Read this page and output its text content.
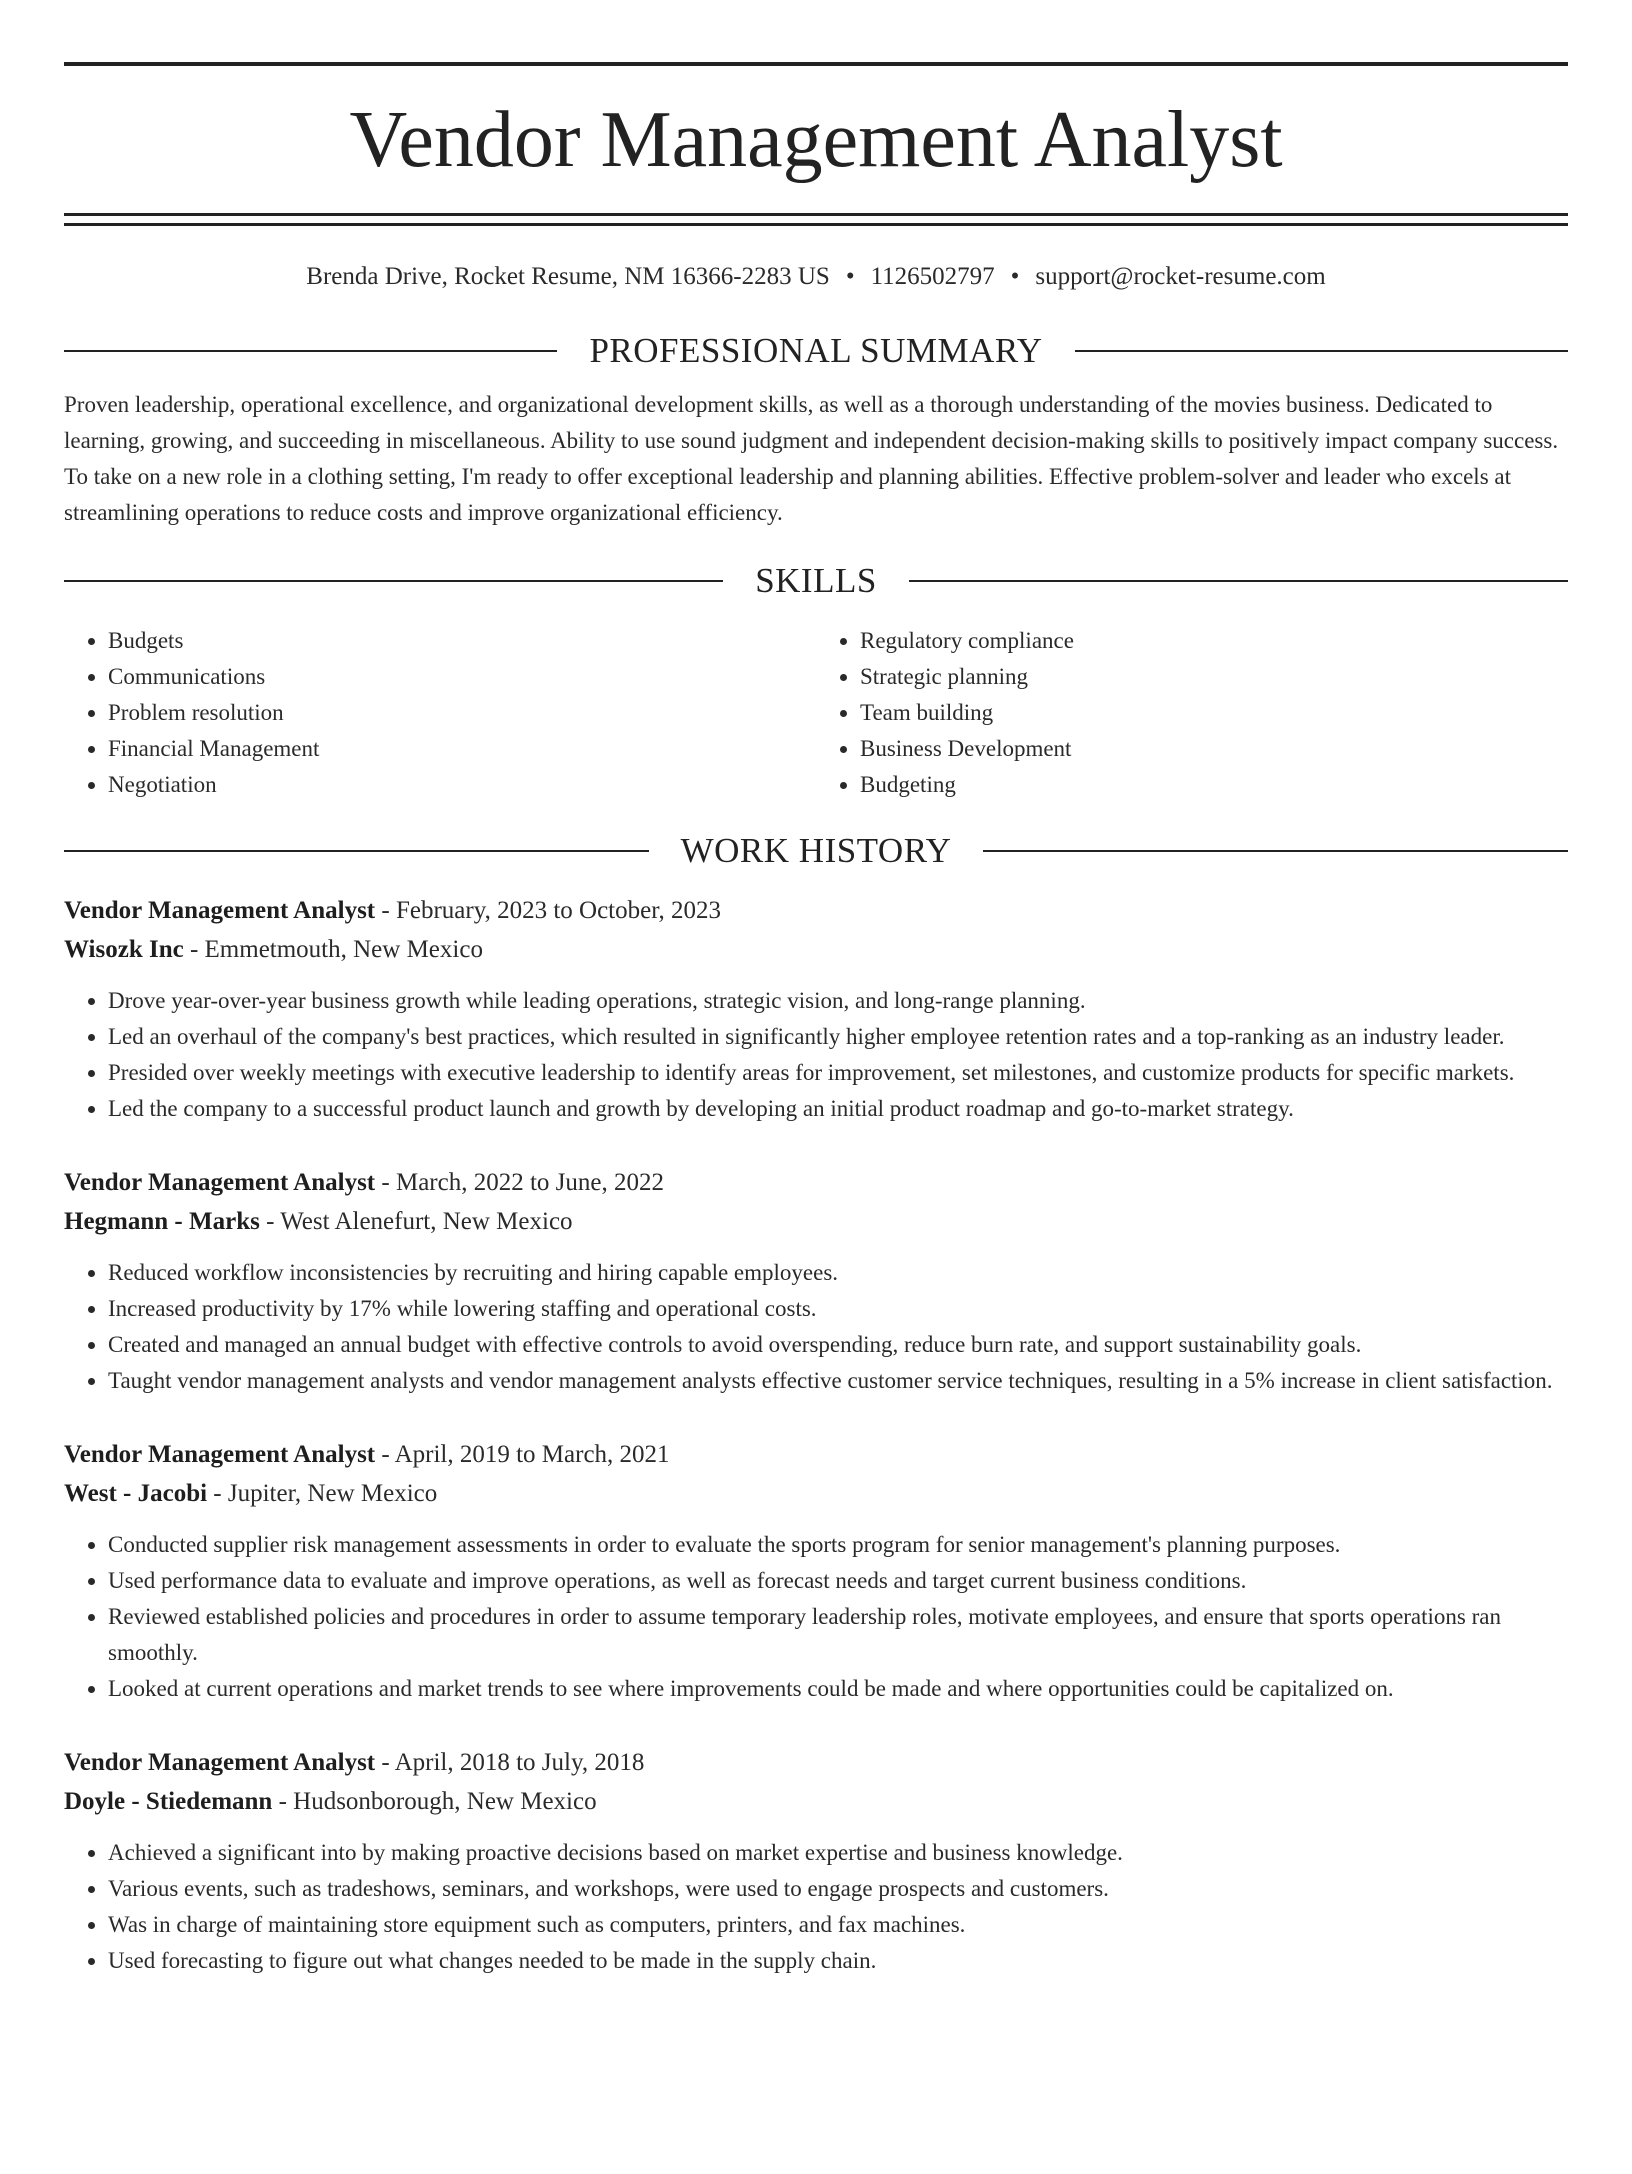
Vendor Management Analyst
Brenda Drive, Rocket Resume, NM 16366-2283 US • 1126502797 • support@rocket-resume.com
PROFESSIONAL SUMMARY
Proven leadership, operational excellence, and organizational development skills, as well as a thorough understanding of the movies business. Dedicated to learning, growing, and succeeding in miscellaneous. Ability to use sound judgment and independent decision-making skills to positively impact company success. To take on a new role in a clothing setting, I'm ready to offer exceptional leadership and planning abilities. Effective problem-solver and leader who excels at streamlining operations to reduce costs and improve organizational efficiency.
SKILLS
• Budgets
• Communications
• Problem resolution
• Financial Management
• Negotiation
• Regulatory compliance
• Strategic planning
• Team building
• Business Development
• Budgeting
WORK HISTORY
Vendor Management Analyst - February, 2023 to October, 2023
Wisozk Inc - Emmetmouth, New Mexico
• Drove year-over-year business growth while leading operations, strategic vision, and long-range planning.
• Led an overhaul of the company's best practices, which resulted in significantly higher employee retention rates and a top-ranking as an industry leader.
• Presided over weekly meetings with executive leadership to identify areas for improvement, set milestones, and customize products for specific markets.
• Led the company to a successful product launch and growth by developing an initial product roadmap and go-to-market strategy.
Vendor Management Analyst - March, 2022 to June, 2022
Hegmann - Marks - West Alenefurt, New Mexico
• Reduced workflow inconsistencies by recruiting and hiring capable employees.
• Increased productivity by 17% while lowering staffing and operational costs.
• Created and managed an annual budget with effective controls to avoid overspending, reduce burn rate, and support sustainability goals.
• Taught vendor management analysts and vendor management analysts effective customer service techniques, resulting in a 5% increase in client satisfaction.
Vendor Management Analyst - April, 2019 to March, 2021
West - Jacobi - Jupiter, New Mexico
• Conducted supplier risk management assessments in order to evaluate the sports program for senior management's planning purposes.
• Used performance data to evaluate and improve operations, as well as forecast needs and target current business conditions.
• Reviewed established policies and procedures in order to assume temporary leadership roles, motivate employees, and ensure that sports operations ran smoothly.
• Looked at current operations and market trends to see where improvements could be made and where opportunities could be capitalized on.
Vendor Management Analyst - April, 2018 to July, 2018
Doyle - Stiedemann - Hudsonborough, New Mexico
• Achieved a significant into by making proactive decisions based on market expertise and business knowledge.
• Various events, such as tradeshows, seminars, and workshops, were used to engage prospects and customers.
• Was in charge of maintaining store equipment such as computers, printers, and fax machines.
• Used forecasting to figure out what changes needed to be made in the supply chain.
